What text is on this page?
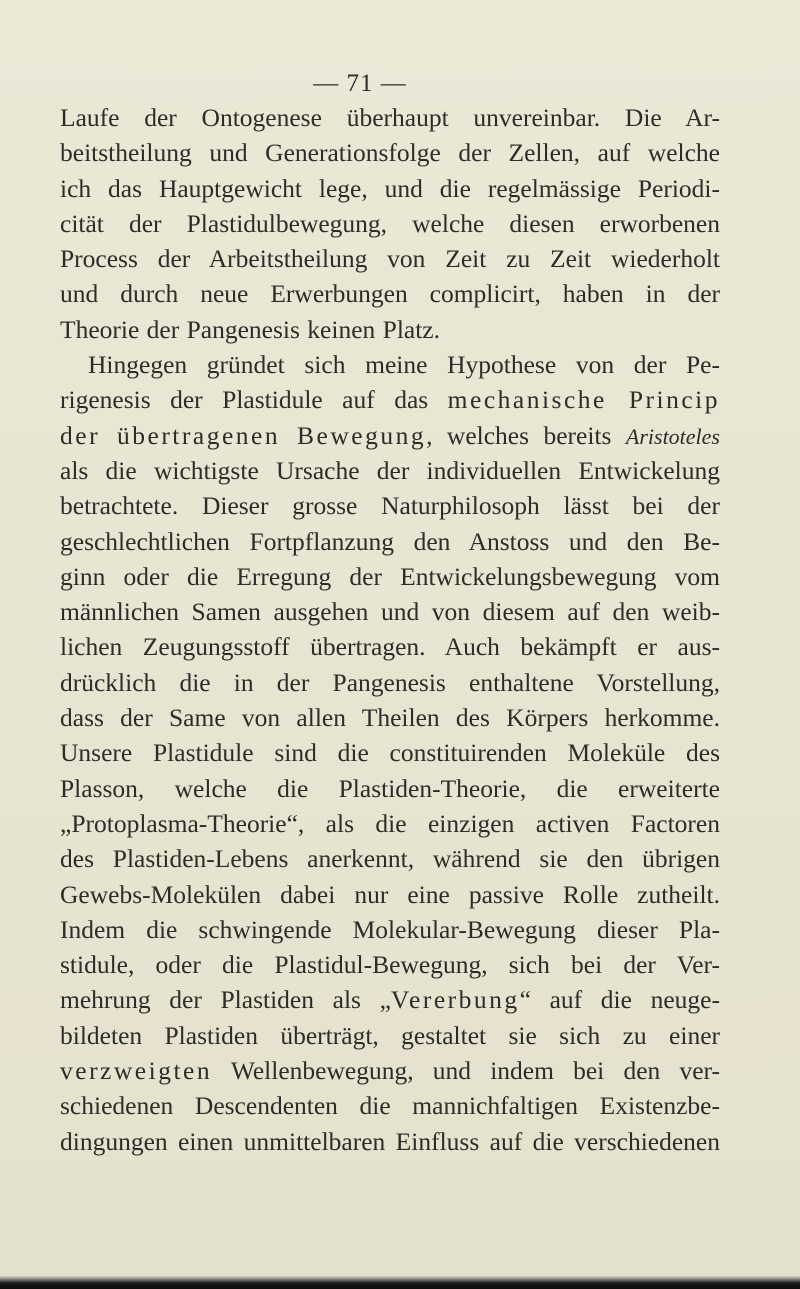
— 71 —
Laufe der Ontogenese überhaupt unvereinbar. Die Ar-
beitstheilung und Generationsfolge der Zellen, auf welche
ich das Hauptgewicht lege, und die regelmässige Periodi-
cität der Plastidulbewegung, welche diesen erworbenen
Process der Arbeitstheilung von Zeit zu Zeit wiederholt
und durch neue Erwerbungen complicirt, haben in der
Theorie der Pangenesis keinen Platz.
Hingegen gründet sich meine Hypothese von der Pe-
rigenesis der Plastidule auf das mechanische Princip
der übertragenen Bewegung, welches bereits Aristoteles
als die wichtigste Ursache der individuellen Entwickelung
betrachtete. Dieser grosse Naturphilosoph lässt bei der
geschlechtlichen Fortpflanzung den Anstoss und den Be-
ginn oder die Erregung der Entwickelungsbewegung vom
männlichen Samen ausgehen und von diesem auf den weib-
lichen Zeugungsstoff übertragen. Auch bekämpft er aus-
drücklich die in der Pangenesis enthaltene Vorstellung,
dass der Same von allen Theilen des Körpers herkomme.
Unsere Plastidule sind die constituirenden Moleküle des
Plasson, welche die Plastiden-Theorie, die erweiterte
„Protoplasma-Theorie“, als die einzigen activen Factoren
des Plastiden-Lebens anerkennt, während sie den übrigen
Gewebs-Molekülen dabei nur eine passive Rolle zutheilt.
Indem die schwingende Molekular-Bewegung dieser Pla-
stidule, oder die Plastidul-Bewegung, sich bei der Ver-
mehrung der Plastiden als „Vererbung“ auf die neuge-
bildeten Plastiden überträgt, gestaltet sie sich zu einer
verzweigten Wellenbewegung, und indem bei den ver-
schiedenen Descendenten die mannichfaltigen Existenzbe-
dingungen einen unmittelbaren Einfluss auf die verschiedenen
